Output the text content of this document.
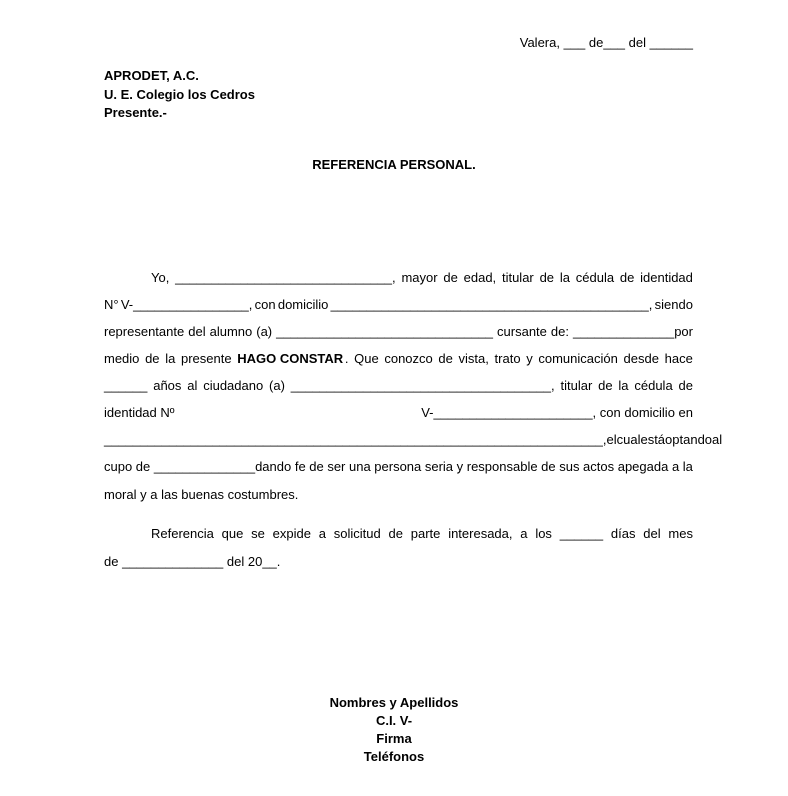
Valera, ___ de___ del ______
APRODET, A.C.
U. E. Colegio los Cedros
Presente.-
REFERENCIA PERSONAL.
Yo, ______________________________, mayor de edad, titular de la cédula de identidad
N° V-________________, con domicilio ____________________________________________, siendo
representante del alumno (a) ______________________________ cursante de: ______________por
medio de la presente HAGO CONSTAR . Que conozco de vista, trato y comunicación desde hace
______ años al ciudadano (a) ____________________________________, titular de la cédula de
identidad Nº	V-______________________, con domicilio en
_____________________________________________________________________, el cual está optando al
cupo de ______________dando fe de ser una persona seria y responsable de sus actos apegada a la
moral y a las buenas costumbres.
Referencia que se expide a solicitud de parte interesada, a los ______ días del mes
de ______________ del 20__.
Nombres y Apellidos
C.I. V-
Firma
Teléfonos
